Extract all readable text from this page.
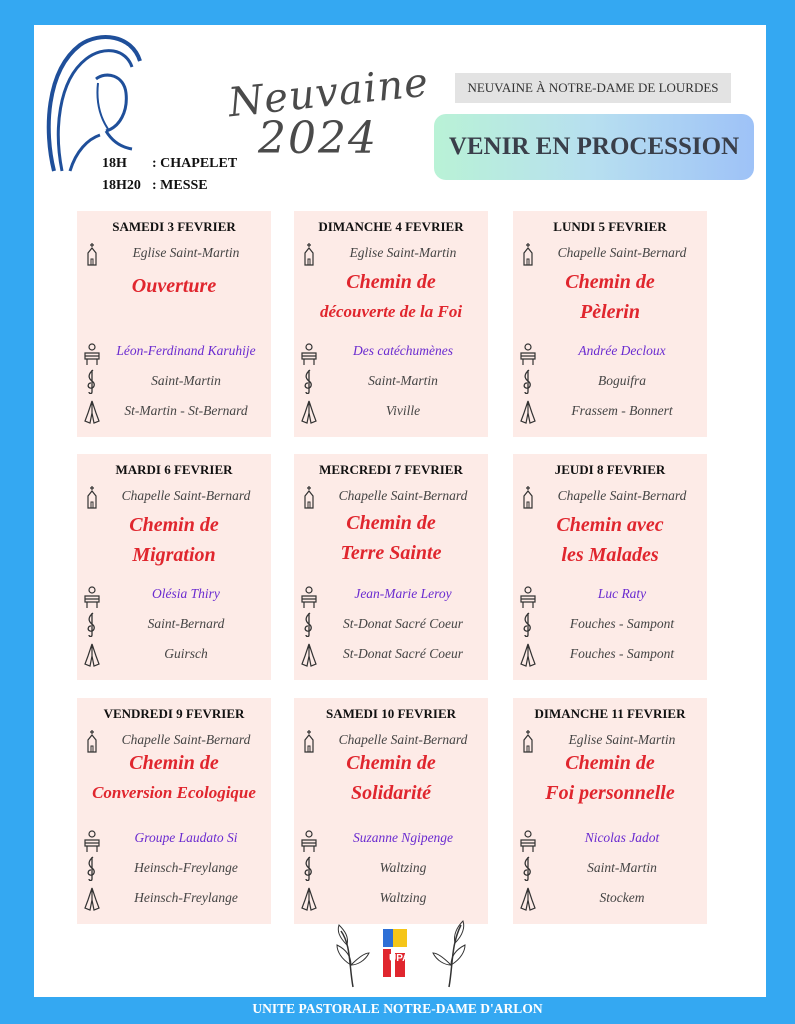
18H : CHAPELET
18H20 : MESSE
Neuvaine
2024
NEUVAINE À NOTRE-DAME DE LOURDES
VENIR EN PROCESSION
SAMEDI 3 FEVRIER
Eglise Saint-Martin
Ouverture
Léon-Ferdinand Karuhije
Saint-Martin
St-Martin - St-Bernard
DIMANCHE 4 FEVRIER
Eglise Saint-Martin
Chemin de
découverte de la Foi
Des catéchumènes
Saint-Martin
Viville
LUNDI 5 FEVRIER
Chapelle Saint-Bernard
Chemin de
Pèlerin
Andrée Decloux
Boguifra
Frassem - Bonnert
MARDI 6 FEVRIER
Chapelle Saint-Bernard
Chemin de
Migration
Olésia Thiry
Saint-Bernard
Guirsch
MERCREDI 7 FEVRIER
Chapelle Saint-Bernard
Chemin de
Terre Sainte
Jean-Marie Leroy
St-Donat Sacré Coeur
St-Donat Sacré Coeur
JEUDI 8 FEVRIER
Chapelle Saint-Bernard
Chemin avec
les Malades
Luc Raty
Fouches - Sampont
Fouches - Sampont
VENDREDI 9 FEVRIER
Chapelle Saint-Bernard
Chemin de
Conversion Ecologique
Groupe Laudato Si
Heinsch-Freylange
Heinsch-Freylange
SAMEDI 10 FEVRIER
Chapelle Saint-Bernard
Chemin de
Solidarité
Suzanne Ngipenge
Waltzing
Waltzing
DIMANCHE 11 FEVRIER
Eglise Saint-Martin
Chemin de
Foi personnelle
Nicolas Jadot
Saint-Martin
Stockem
UPA
UNITE PASTORALE NOTRE-DAME D'ARLON
